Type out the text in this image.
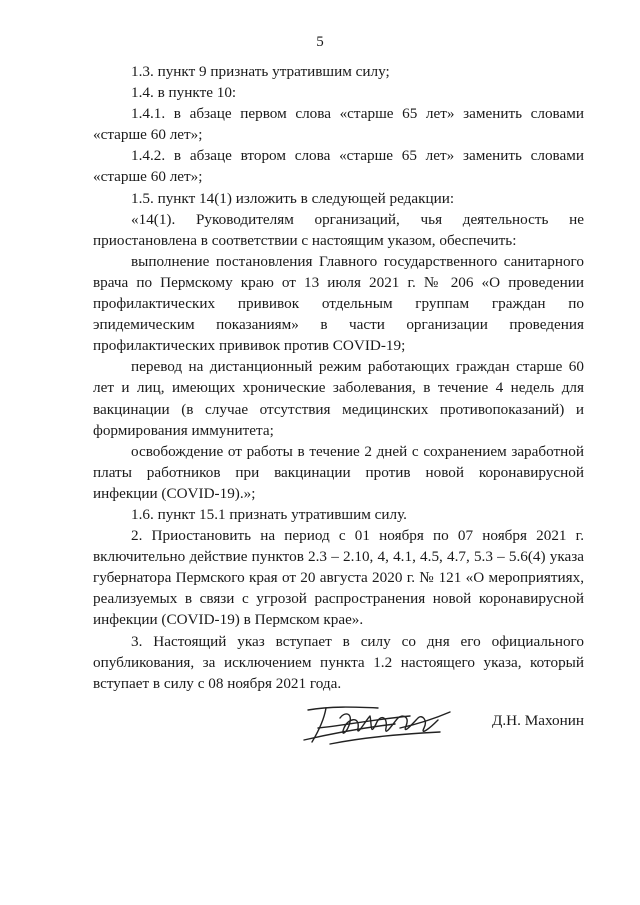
5

1.3. пункт 9 признать утратившим силу;

1.4. в пункте 10:

1.4.1. в абзаце первом слова «старше 65 лет» заменить словами «старше 60 лет»;

1.4.2. в абзаце втором слова «старше 65 лет» заменить словами «старше 60 лет»;

1.5. пункт 14(1) изложить в следующей редакции:

«14(1). Руководителям организаций, чья деятельность не приостановлена в соответствии с настоящим указом, обеспечить:

выполнение постановления Главного государственного санитарного врача по Пермскому краю от 13 июля 2021 г. № 206 «О проведении профилактических прививок отдельным группам граждан по эпидемическим показаниям» в части организации проведения профилактических прививок против COVID-19;

перевод на дистанционный режим работающих граждан старше 60 лет и лиц, имеющих хронические заболевания, в течение 4 недель для вакцинации (в случае отсутствия медицинских противопоказаний) и формирования иммунитета;

освобождение от работы в течение 2 дней с сохранением заработной платы работников при вакцинации против новой коронавирусной инфекции (COVID-19).»;

1.6. пункт 15.1 признать утратившим силу.

2. Приостановить на период с 01 ноября по 07 ноября 2021 г. включительно действие пунктов 2.3 – 2.10, 4, 4.1, 4.5, 4.7, 5.3 – 5.6(4) указа губернатора Пермского края от 20 августа 2020 г. № 121 «О мероприятиях, реализуемых в связи с угрозой распространения новой коронавирусной инфекции (COVID-19) в Пермском крае».

3. Настоящий указ вступает в силу со дня его официального опубликования, за исключением пункта 1.2 настоящего указа, который вступает в силу с 08 ноября 2021 года.

Д.Н. Махонин
